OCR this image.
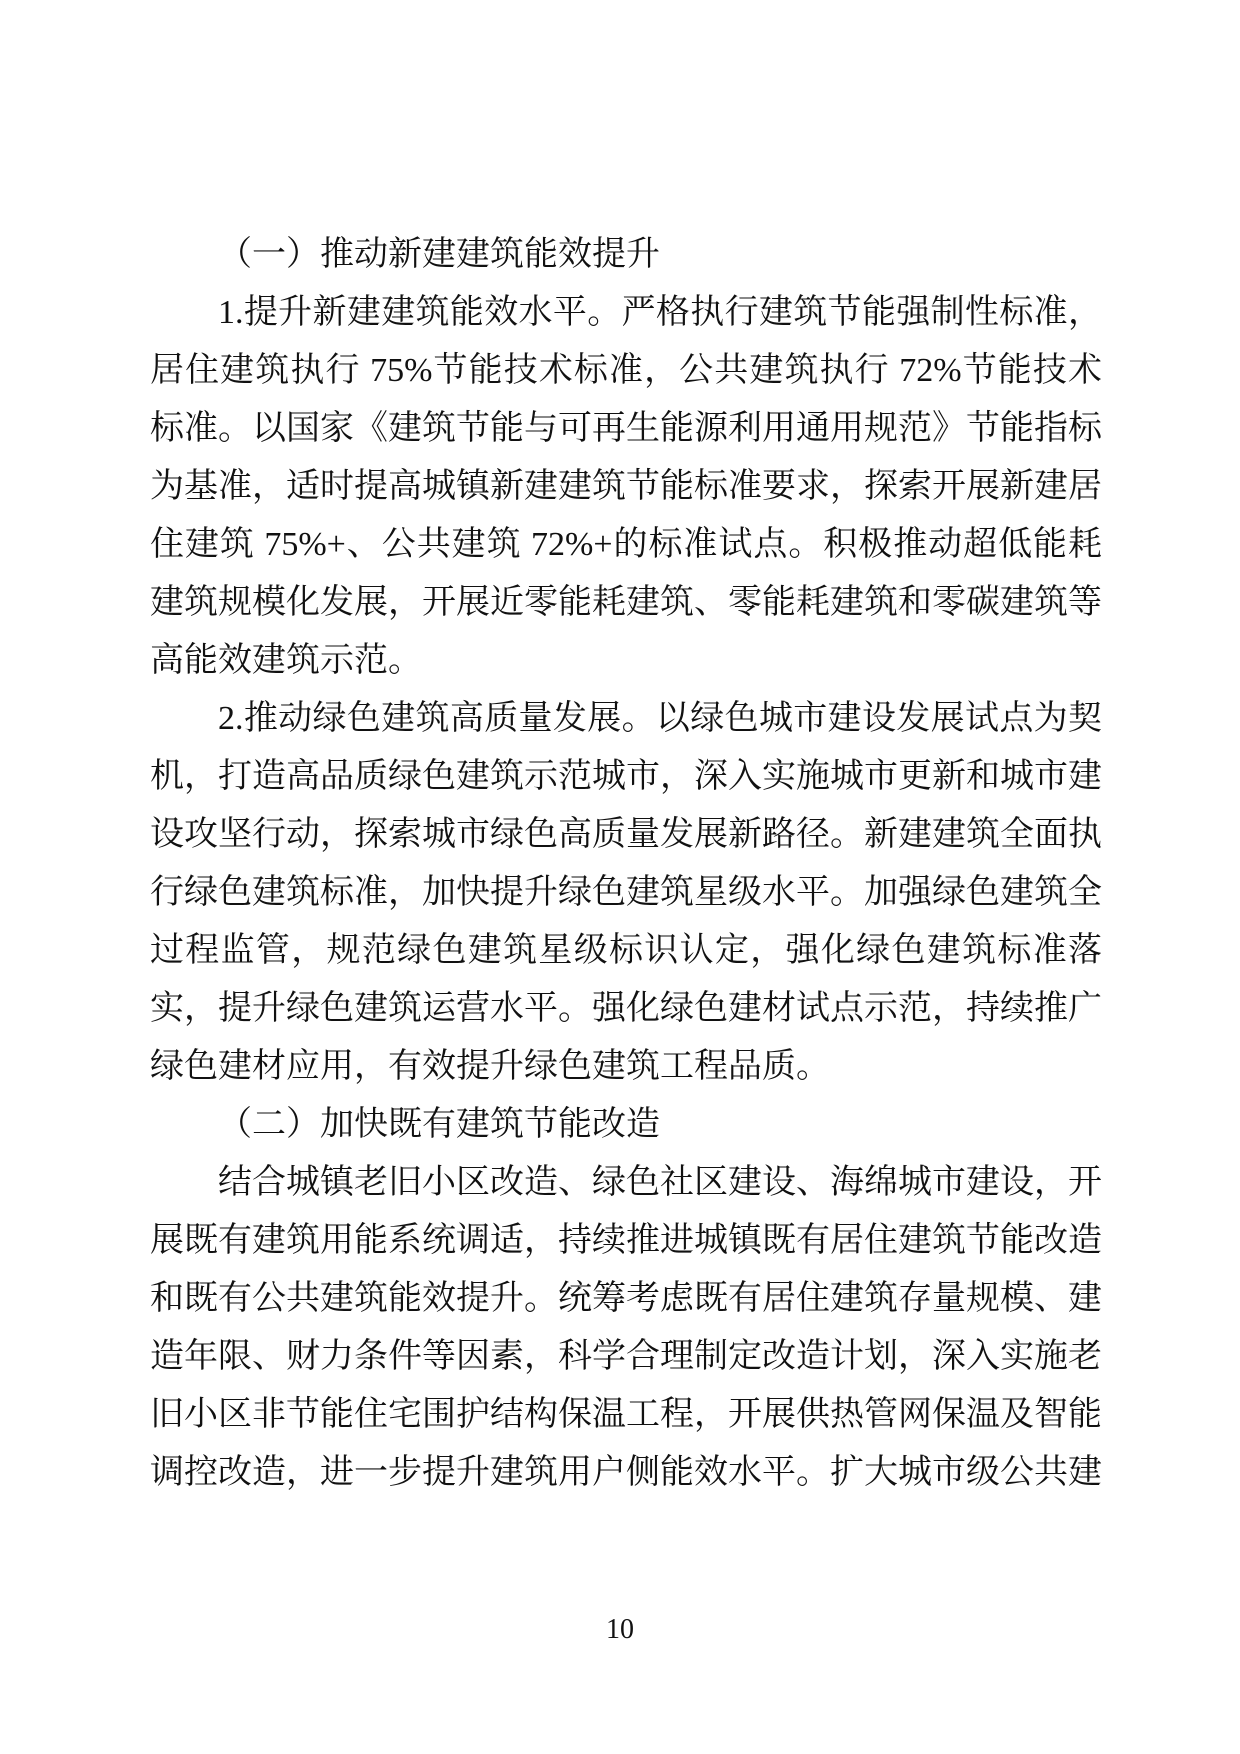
（一）推动新建建筑能效提升

1.提升新建建筑能效水平。严格执行建筑节能强制性标准，居住建筑执行 75%节能技术标准，公共建筑执行 72%节能技术标准。以国家《建筑节能与可再生能源利用通用规范》节能指标为基准，适时提高城镇新建建筑节能标准要求，探索开展新建居住建筑 75%+、公共建筑 72%+的标准试点。积极推动超低能耗建筑规模化发展，开展近零能耗建筑、零能耗建筑和零碳建筑等高能效建筑示范。

2.推动绿色建筑高质量发展。以绿色城市建设发展试点为契机，打造高品质绿色建筑示范城市，深入实施城市更新和城市建设攻坚行动，探索城市绿色高质量发展新路径。新建建筑全面执行绿色建筑标准，加快提升绿色建筑星级水平。加强绿色建筑全过程监管，规范绿色建筑星级标识认定，强化绿色建筑标准落实，提升绿色建筑运营水平。强化绿色建材试点示范，持续推广绿色建材应用，有效提升绿色建筑工程品质。

（二）加快既有建筑节能改造

结合城镇老旧小区改造、绿色社区建设、海绵城市建设，开展既有建筑用能系统调适，持续推进城镇既有居住建筑节能改造和既有公共建筑能效提升。统筹考虑既有居住建筑存量规模、建造年限、财力条件等因素，科学合理制定改造计划，深入实施老旧小区非节能住宅围护结构保温工程，开展供热管网保温及智能调控改造，进一步提升建筑用户侧能效水平。扩大城市级公共建

10
